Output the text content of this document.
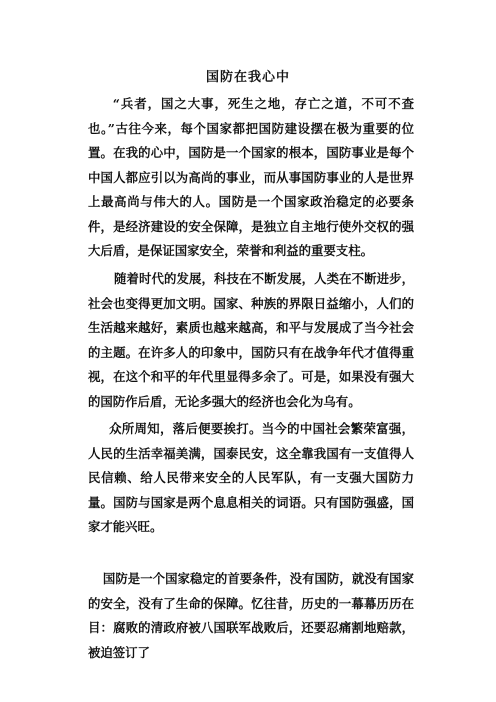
国防在我心中

“兵者，国之大事，死生之地，存亡之道，不可不查也。”古往今来，每个国家都把国防建设摆在极为重要的位置。在我的心中，国防是一个国家的根本，国防事业是每个中国人都应引以为高尚的事业，而从事国防事业的人是世界上最高尚与伟大的人。国防是一个国家政治稳定的必要条件，是经济建设的安全保障，是独立自主地行使外交权的强大后盾，是保证国家安全，荣誉和利益的重要支柱。

随着时代的发展，科技在不断发展，人类在不断进步，社会也变得更加文明。国家、种族的界限日益缩小，人们的生活越来越好，素质也越来越高，和平与发展成了当今社会的主题。在许多人的印象中，国防只有在战争年代才值得重视，在这个和平的年代里显得多余了。可是，如果没有强大的国防作后盾，无论多强大的经济也会化为乌有。

众所周知，落后便要挨打。当今的中国社会繁荣富强，人民的生活幸福美满，国泰民安，这全靠我国有一支值得人民信赖、给人民带来安全的人民军队，有一支强大国防力量。国防与国家是两个息息相关的词语。只有国防强盛，国家才能兴旺。

国防是一个国家稳定的首要条件，没有国防，就没有国家的安全，没有了生命的保障。忆往昔，历史的一幕幕历历在目：腐败的清政府被八国联军战败后，还要忍痛割地赔款，被迫签订了
